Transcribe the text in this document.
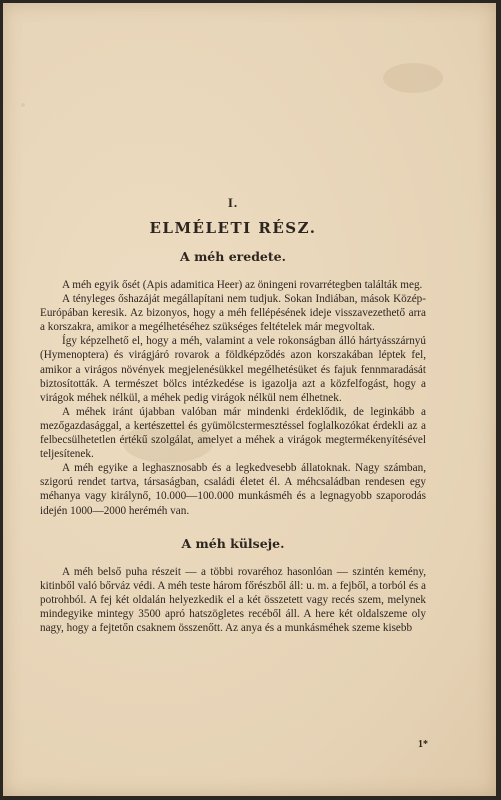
I.
ELMÉLETI RÉSZ.
A méh eredete.

A méh egyik ősét (Apis adamitica Heer) az öningeni rovarrétegben találták meg.

A tényleges őshazáját megállapítani nem tudjuk. Sokan Indiában, mások Közép-Európában keresik. Az bizonyos, hogy a méh fellépésének ideje visszavezethető arra a korszakra, amikor a megélhetéséhez szükséges feltételek már megvoltak.

Így képzelhető el, hogy a méh, valamint a vele rokonságban álló hártyásszárnyú (Hymenoptera) és virágjáró rovarok a földképződés azon korszakában léptek fel, amikor a virágos növények megjelenésükkel megélhetésüket és fajuk fennmaradását biztosították. A természet bölcs intézkedése is igazolja azt a közfelfogást, hogy a virágok méhek nélkül, a méhek pedig virágok nélkül nem élhetnek.

A méhek iránt újabban valóban már mindenki érdeklődik, de leginkább a mezőgazdasággal, a kertészettel és gyümölcstermesztéssel foglalkozókat érdekli az a felbecsülhetetlen értékű szolgálat, amelyet a méhek a virágok megtermékenyítésével teljesítenek.

A méh egyike a leghasznosabb és a legkedvesebb állatoknak. Nagy számban, szigorú rendet tartva, társaságban, családi életet él. A méhcsaládban rendesen egy méhanya vagy királynő, 10.000—100.000 munkásméh és a legnagyobb szaporodás idején 1000—2000 heréméh van.

A méh külseje.

A méh belső puha részeit — a többi rovaréhoz hasonlóan — szintén kemény, kitinből való bőrváz védi. A méh teste három főrészből áll: u. m. a fejből, a torból és a potrohból. A fej két oldalán helyezkedik el a két összetett vagy recés szem, melynek mindegyike mintegy 3500 apró hatszögletes recéből áll. A here két oldalszeme oly nagy, hogy a fejtetőn csaknem összenőtt. Az anya és a munkásméhek szeme kisebb

1*
